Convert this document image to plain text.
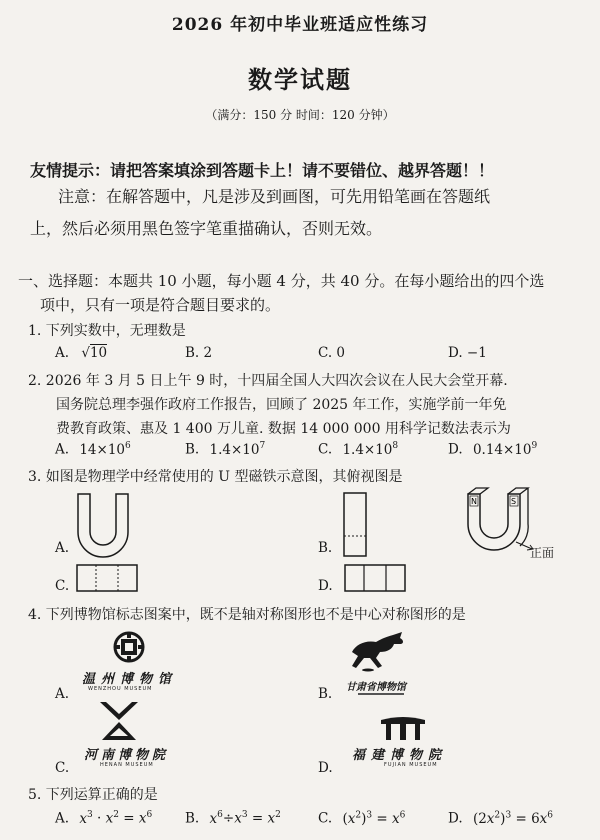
2026 年初中毕业班适应性练习
数学试题
（满分：150 分 时间：120 分钟）
友情提示：请把答案填涂到答题卡上！请不要错位、越界答题！！
注意：在解答题中，凡是涉及到画图，可先用铅笔画在答题纸
上，然后必须用黑色签字笔重描确认，否则无效。
一、选择题：本题共 10 小题，每小题 4 分，共 40 分。在每小题给出的四个选
项中，只有一项是符合题目要求的。
1. 下列实数中，无理数是
A. √10	B. 2	C. 0	D. −1
2. 2026 年 3 月 5 日上午 9 时，十四届全国人大四次会议在人民大会堂开幕.
国务院总理李强作政府工作报告，回顾了 2025 年工作，实施学前一年免
费教育政策、惠及 1 400 万儿童. 数据 14 000 000 用科学记数法表示为
A. $14\times 10^6$	B. $1.4\times 10^7$	C. $1.4\times 10^8$	D. $0.14\times 10^9$
3. 如图是物理学中经常使用的 U 型磁铁示意图，其俯视图是
A.	B.
N	S
正面
C.	D.
4. 下列博物馆标志图案中，既不是轴对称图形也不是中心对称图形的是
A.
温州博物馆
WENZHOU MUSEUM	B. 甘肃省博物馆
C.
河南博物院
HENAN MUSEUM	D.
福建博物院
FUJIAN MUSEUM
5. 下列运算正确的是
A. $x^3 \cdot x^2 = x^6$ B. $x^6\div x^3 = x^2$	C. $(x^2)^3 = x^6$	D. $(2x^2)^3 = 6x^6$
